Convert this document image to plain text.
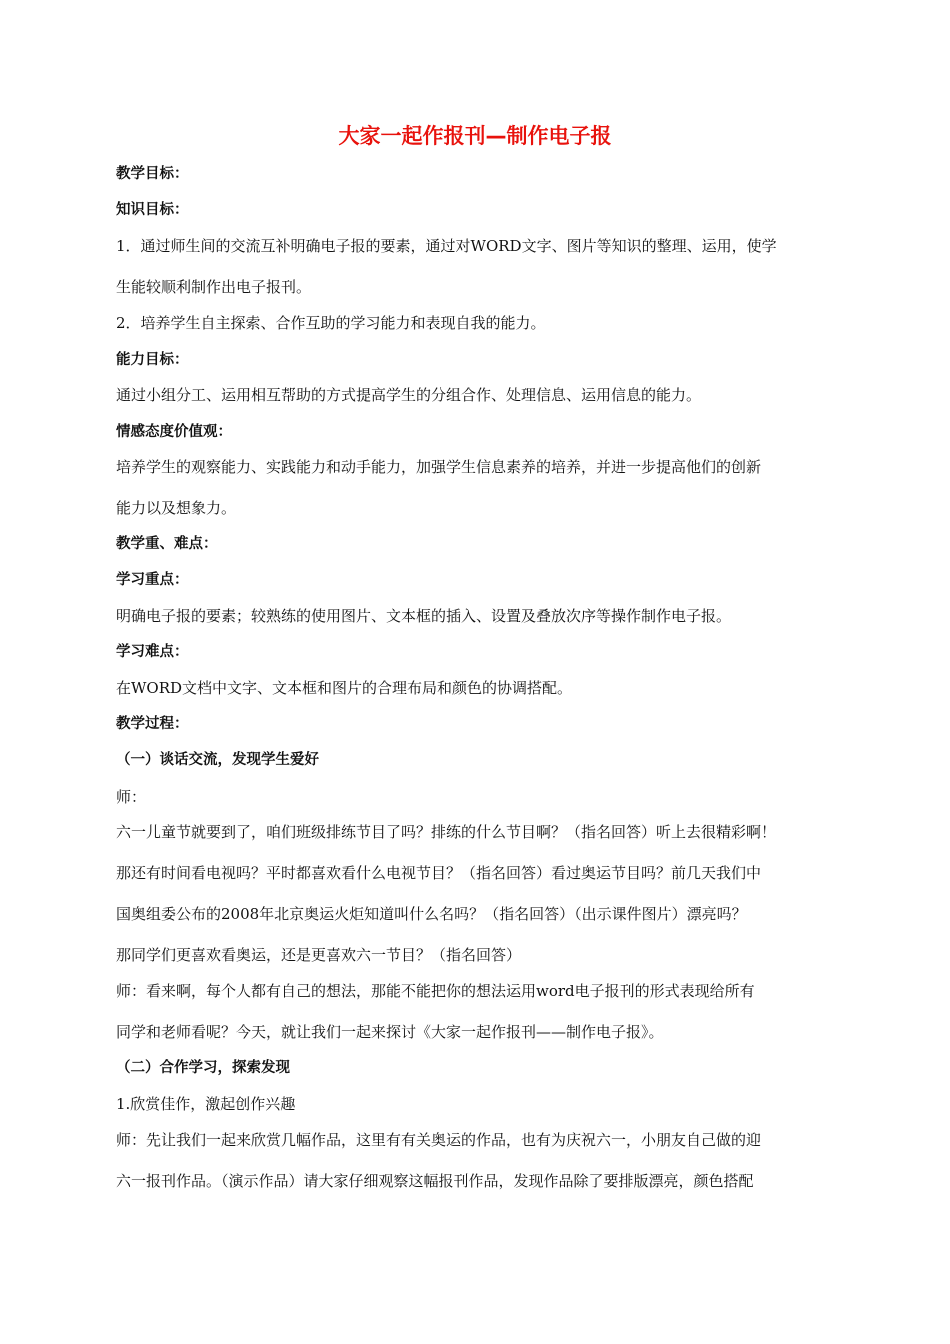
大家一起作报刊—制作电子报
教学目标：
知识目标：
1．通过师生间的交流互补明确电子报的要素，通过对WORD文字、图片等知识的整理、运用，使学
生能较顺利制作出电子报刊。
2．培养学生自主探索、合作互助的学习能力和表现自我的能力。
能力目标：
通过小组分工、运用相互帮助的方式提高学生的分组合作、处理信息、运用信息的能力。
情感态度价值观：
培养学生的观察能力、实践能力和动手能力，加强学生信息素养的培养，并进一步提高他们的创新
能力以及想象力。
教学重、难点：
学习重点：
明确电子报的要素；较熟练的使用图片、文本框的插入、设置及叠放次序等操作制作电子报。
学习难点：
在WORD文档中文字、文本框和图片的合理布局和颜色的协调搭配。
教学过程：
（一）谈话交流，发现学生爱好
师：
六一儿童节就要到了，咱们班级排练节目了吗？排练的什么节目啊？（指名回答）听上去很精彩啊！
那还有时间看电视吗？平时都喜欢看什么电视节目？（指名回答）看过奥运节目吗？前几天我们中
国奥组委公布的2008年北京奥运火炬知道叫什么名吗？（指名回答）（出示课件图片）漂亮吗？
那同学们更喜欢看奥运，还是更喜欢六一节目？（指名回答）
师：看来啊，每个人都有自己的想法，那能不能把你的想法运用word电子报刊的形式表现给所有
同学和老师看呢？今天，就让我们一起来探讨《大家一起作报刊——制作电子报》。
（二）合作学习，探索发现
1.欣赏佳作，激起创作兴趣
师：先让我们一起来欣赏几幅作品，这里有有关奥运的作品，也有为庆祝六一，小朋友自己做的迎
六一报刊作品。（演示作品）请大家仔细观察这幅报刊作品，发现作品除了要排版漂亮，颜色搭配
